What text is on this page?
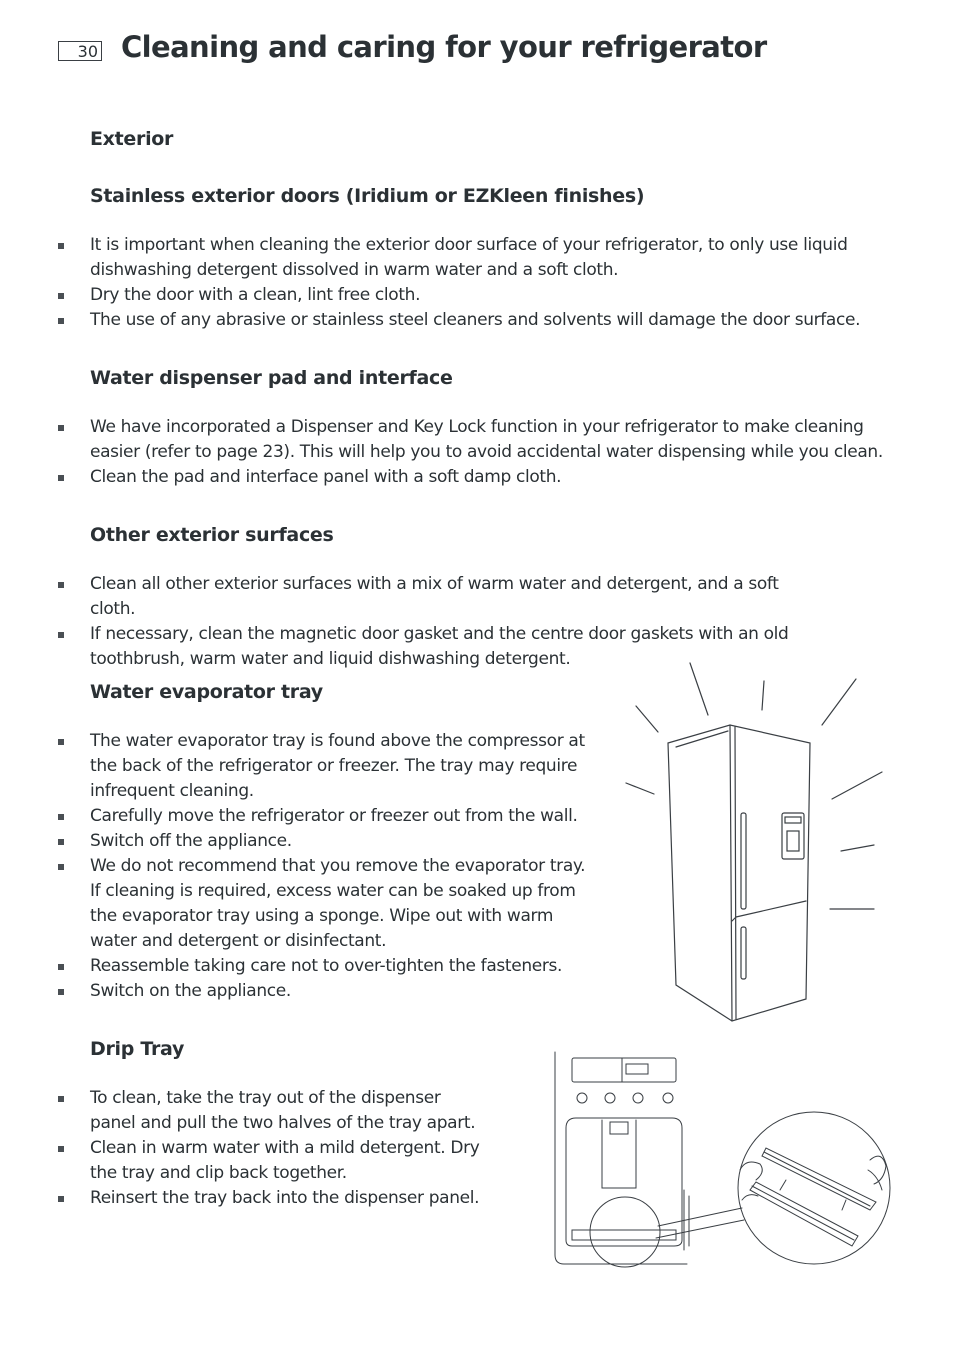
30 Cleaning and caring for your refrigerator
Exterior
Stainless exterior doors (Iridium or EZKleen finishes)
It is important when cleaning the exterior door surface of your refrigerator, to only use liquid dishwashing detergent dissolved in warm water and a soft cloth.
Dry the door with a clean, lint free cloth.
The use of any abrasive or stainless steel cleaners and solvents will damage the door surface.
Water dispenser pad and interface
We have incorporated a Dispenser and Key Lock function in your refrigerator to make cleaning easier (refer to page 23). This will help you to avoid accidental water dispensing while you clean.
Clean the pad and interface panel with a soft damp cloth.
Other exterior surfaces
Clean all other exterior surfaces with a mix of warm water and detergent, and a soft cloth.
If necessary, clean the magnetic door gasket and the centre door gaskets with an old toothbrush, warm water and liquid dishwashing detergent.
Water evaporator tray
The water evaporator tray is found above the compressor at the back of the refrigerator or freezer. The tray may require infrequent cleaning.
Carefully move the refrigerator or freezer out from the wall.
Switch off the appliance.
We do not recommend that you remove the evaporator tray. If cleaning is required, excess water can be soaked up from the evaporator tray using a sponge. Wipe out with warm water and detergent or disinfectant.
Reassemble taking care not to over-tighten the fasteners.
Switch on the appliance.
Drip Tray
To clean, take the tray out of the dispenser panel and pull the two halves of the tray apart.
Clean in warm water with a mild detergent. Dry the tray and clip back together.
Reinsert the tray back into the dispenser panel.
